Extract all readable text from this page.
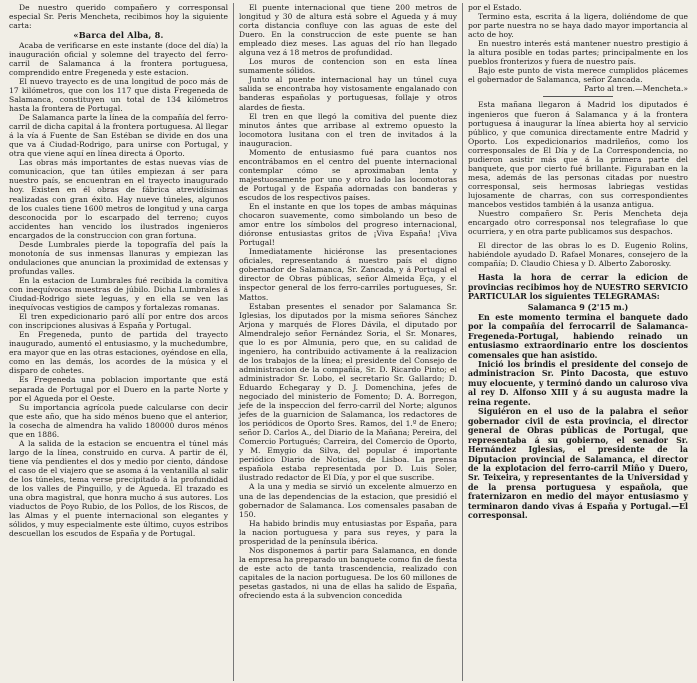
De nuestro querido compañero y corresponsal especial Sr. Peris Mencheta, recibimos hoy la siguiente carta:

«Barca del Alba, 8.

Acaba de verificarse en este instante (doce del día) la inauguración oficial y solemne del trayecto del ferro-carril de Salamanca á la frontera portuguesa, comprendido entre Fregeneda y este estacion.

El nuevo trayecto es de una longitud de poco más de 17 kilómetros, que con los 117 que dista Fregeneda de Salamanca, constituyen un total de 134 kilómetros hasta la frontera de Portugal.

De Salamanca parte la línea de la compañía del ferro-carril de dicha capital á la frontera portuguesa. Al llegar á la vía á Fuente de San Estéban se divide en dos una que va á Ciudad-Rodrigo, para unirse con Portugal, y otra que viene aquí en línea directa á Oporto.

Las obras más importantes de estas nuevas vías de comunicacion, que tan útiles empiezan á ser para nuestro país, se encuentran en el trayecto inaugurado hoy. Existen en él obras de fábrica atrevidísimas realizadas con gran éxito. Hay nueve túneles, algunos de los cuales tiene 1600 metros de longitud y una carga desconocida por lo escarpado del terreno; cuyos accidentes han vencido los ilustrados ingenieros encargados de la construccion con gran fortuna.

Desde Lumbrales pierde la topografía del país la monotonía de sus inmensas llanuras y empiezan las ondulaciones que anuncian la proximidad de extensas y profundas valles.

En la estacion de Lumbrales fué recibida la comitiva con inequívocas muestras de júbilo. Dicha Lumbrales á Ciudad-Rodrigo siete leguas, y en ella se ven las inequívocas vestigios de campos y fortalezas romanas.

El tren expedicionario paró allí por entre dos arcos con inscripciones alusivas á España y Portugal.

En Fregeneda, punto de partida del trayecto inaugurado, aumentó el entusiasmo, y la muchedumbre, era mayor que en las otras estaciones, oyéndose en ella, como en las demás, los acordes de la música y el disparo de cohetes.

Es Fregeneda una poblacion importante que está separada de Portugal por el Duero en la parte Norte y por el Agueda por el Oeste.

Su importancia agrícola puede calcularse con decir que este año, que ha sido ménos bueno que el anterior, la cosecha de almendra ha valido 180000 duros ménos que en 1886.

A la salida de la estacion se encuentra el túnel más largo de la línea, construido en curva. A partir de él, tiene vía pendientes el dos y medio por ciento, dándose el caso de el viajero que se asoma á la ventanilla al salir de los túneles, tema verse precipitado á la profundidad de los valles de Pinguillo, y de Agueda. El trazado es una obra magistral, que honra mucho á sus autores. Los viaductos de Poyo Rubio, de los Pollos, de los Riscos, de las Almas y el puente internacional son elegantes y sólidos, y muy especialmente este último, cuyos estribos descuellan los escudos de España y de Portugal.

El puente internacional que tiene 200 metros de longitud y 30 de altura está sobre el Agueda y á muy corta distancia confluye con las aguas de este del Duero. En la construccion de este puente se han empleado diez meses. Las aguas del río han llegado alguna vez á 18 metros de profundidad.

Los muros de contencion son en esta línea sumamente sólidos.

Junto al puente internacional hay un túnel cuya salida se encontraba hoy vistosamente engalanado con banderas españolas y portuguesas, follaje y otros alardes de fiesta.

El tren en que llegó la comitiva del puente diez minutos ántes que arribase al extremo opuesto la locomotora lusitana con el tren de invitados á la inauguracion.

Momento de entusiasmo fué para cuantos nos encontrábamos en el centro del puente internacional contemplar cómo se aproximaban lenta y majestuosamente por uno y otro lado las locomotoras de Portugal y de España adornadas con banderas y escudos de los respectivos países.

En el instante en que los topes de ambas máquinas chocaron suavemente, como simbolando un beso de amor entre los símbolos del progreso internacional, dióronse entusiastas gritos de ¡Viva España! ¡Viva Portugal!

Inmediatamente hiciéronse las presentaciones oficiales, representando á nuestro país el digno gobernador de Salamanca, Sr. Zancada, y á Portugal el director de Obras públicas, señor Almeida Eça, y el inspector general de los ferro-carriles portugueses, Sr. Mattos.

Estaban presentes el senador por Salamanca Sr. Iglesias, los diputados por la misma señores Sánchez Arjona y marqués de Flores Dávila, el diputado por Almendralejo señor Fernández Soria, el Sr. Monares, que lo es por Almunia, pero que, en su calidad de ingeniero, ha contribuido activamente á la realizacion de los trabajos de la línea; el presidente del Consejo de administracion de la compañía, Sr. D. Ricardo Pinto; el administrador Sr. Lobo, el secretario Sr. Gallardo; D. Eduardo Echegaray y D. J. Domenchina, jefes de negociado del ministerio de Fomento; D. A. Borregon, jefe de la inspeccion del ferro-carril del Norte; algunos jefes de la guarnicion de Salamanca, los redactores de los periódicos de Oporto Sres. Ramos, del 1.º de Enero; señor D. Carlos A., del Diario de la Mañana; Pereira, del Comercio Portugués; Carreira, del Comercio de Oporto, y M. Emygio da Silva, del popular é importante periódico Diario de Noticias, de Lisboa. La prensa española estaba representada por D. Luis Soler, ilustrado redactor de El Día, y por el que suscribe.

A la una y media se sirvió un excelente almuerzo en una de las dependencias de la estacion, que presidió el gobernador de Salamanca. Los comensales pasaban de 150.

Ha habido brindis muy entusiastas por España, para la nacion portuguesa y para sus reyes, y para la prosperidad de la península ibérica.

Nos disponemos á partir para Salamanca, en donde la empresa ha preparado un banquete como fin de fiesta de este acto de tanta trascendencia, realizado con capitales de la nacion portuguesa. De los 60 millones de pesetas gastados, ni una de ellas ha salido de España, ofreciendo esta á la subvencion concedida

por el Estado.

Termino esta, escrita á la ligera, doliéndome de que por parte nuestra no se haya dado mayor importancia al acto de hoy.

En nuestro interés está mantener nuestro prestigio á la altura posible en todas partes; principalmente en los pueblos fronterizos y fuera de nuestro país.

Bajo este punto de vista merece cumplidos plácemes el gobernador de Salamanca, señor Zancada.

Parto al tren.—Mencheta.»

Esta mañana llegaron á Madrid los diputados é ingenieros que fueron á Salamanca y á la frontera portuguesa á inaugurar la línea abierta hoy al servicio público, y que comunica directamente entre Madrid y Oporto. Los expedicionarios madrileños, como los corresponsales de El Día y de La Correspondencia, no pudieron asistir más que á la primera parte del banquete, que por cierto fué brillante. Figuraban en la mesa, además de las personas citadas por nuestro corresponsal, seis hermosas labriegas vestidas lujosamente de charras, con sus correspondientes mancebos vestidos también á la usanza antigua.

Nuestro compañero Sr. Peris Mencheta deja encargado otro corresponsal nos telegrafiase lo que ocurriera, y en otra parte publicamos sus despachos.

El director de las obras lo es D. Eugenio Rolins, habiéndole ayudado D. Rafael Monares, consejero de la compañía; D. Claudio Chiesa y D. Alberto Zaborosky.

Hasta la hora de cerrar la edicion de provincias recibimos hoy de NUESTRO SERVICIO PARTICULAR los siguientes TELEGRAMAS:

Salamanca 9 (2'15 m.)

En este momento termina el banquete dado por la compañía del ferrocarril de Salamanca-Fregeneda-Portugal, habiendo reinado un entusiasmo extraordinario entre los doscientos comensales que han asistido.

Inició los brindis el presidente del consejo de administracion Sr. Pinto Dacosta, que estuvo muy elocuente, y terminó dando un caluroso viva al rey D. Alfonso XIII y á su augusta madre la reina regente.

Siguiéron en el uso de la palabra el señor gobernador civil de esta provincia, el director general de Obras públicas de Portugal, que representaba á su gobierno, el senador Sr. Hernández Iglesias, el presidente de la Diputacion provincial de Salamanca, el director de la explotacion del ferro-carril Miño y Duero, Sr. Teixeira, y representantes de la Universidad y de la prensa portuguesa y española, que fraternizaron en medio del mayor entusiasmo y terminaron dando vivas á España y Portugal.—El corresponsal.
